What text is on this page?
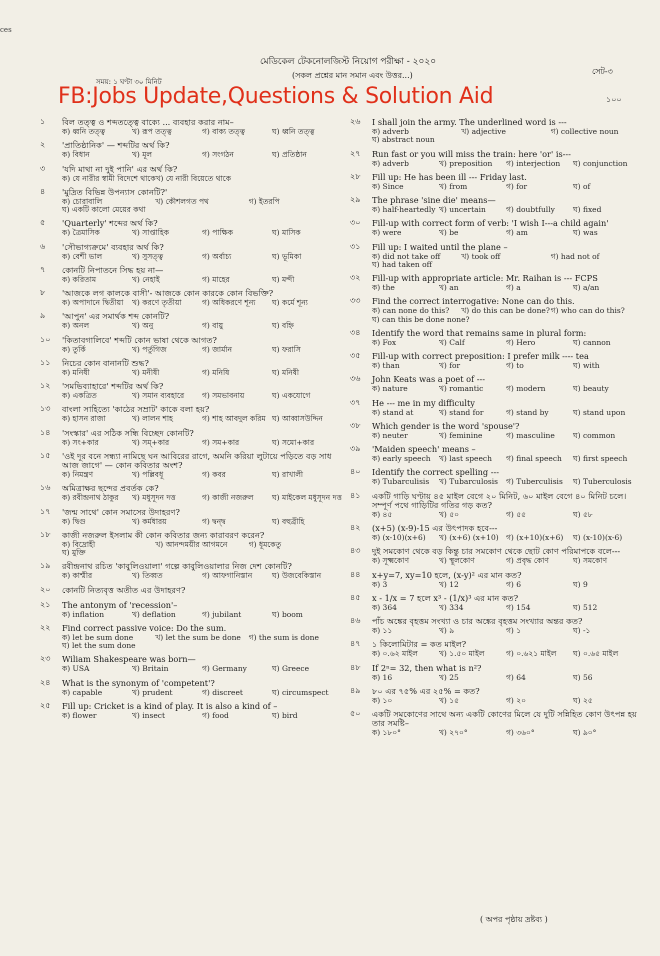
ces
মেডিকেল টেকনোলজিস্ট নিয়োগ পরীক্ষা - ২০২০
(সকল প্রশ্নের মান সমান এবং উত্তর...)	সেট-৩
সময়: ১ ঘণ্টা ৩০ মিনিট
FB:Jobs Update,Questions & Solution Aid	১০০
১ বিল তত্ত্ব ও শব্দতত্ত্বে বাক্যে ... ব্যবহার করার নাম–
ক) ধ্বনি তত্ত্ব	খ) রূপ তত্ত্ব	গ) বাক্য তত্ত্ব	ঘ) ধ্বনি তত্ত্ব
২ 'প্রাতিষ্ঠানিক' — শব্দটির অর্থ কি?
ক) বিধান	খ) মূল	গ) সংগঠন	ঘ) প্রতিষ্ঠান
৩ 'যদি মাথা না দুই পানি' এর অর্থ কি?
ক) যে নারীর স্বামী বিদেশে থাকে খ) যে নারী বিয়েতে থাকে
৪ 'মুদ্রিত বিভিন্ন উপন্যাস কোনটি?'
ক) চোরাবালি	খ) কৌশলগত পথ	গ) ইতরপি
ঘ) একটি কালো মেয়ের কথা
৫ 'Quarterly' শব্দের অর্থ কি?
ক) ত্রৈমাসিক	খ) সাপ্তাহিক	গ) পাক্ষিক	ঘ) মাসিক
৬ 'সৌভাগ্যক্রমে' ব্যবহার অর্থ কি?
ক) বেশী ভাল	খ) সুসত্ত্ব	গ) অর্বাচ্য	ঘ) ভূমিকা
৭ কোনটি নিপাতনে সিদ্ধ হয় না—
ক) করিতাম	খ) নেহাই	গ) মাহের	ঘ) মন্দী
৮ 'আজকে লগ কালকে বাসী'- আজকে কোন কারকে কোন বিভক্তি?
ক) অপাদানে দ্বিতীয়া	খ) করণে তৃতীয়া	গ) অধিকরণে শূন্য	ঘ) কর্মে শূন্য
৯ 'আপুন' এর সমার্থক শব্দ কোনটি?
ক) অনল	খ) অনু	গ) বায়ু	ঘ) বহ্নি
১০ 'কিতাবগালিবে' শব্দটি কোন ভাষা থেকে আগত?
ক) তুর্কি	খ) পর্তুগিজ	গ) জার্মান	ঘ) ফরাসি
১১ নিচের কোন বানানটি শুদ্ধ?
ক) মনিষী	খ) মনীষী	গ) মনিষি	ঘ) মনিষী
১২ 'সমভিব্যাহারে' শব্দটির অর্থ কি?
ক) একত্রিত	খ) সমান ব্যবহারে	গ) সমভাবনায়	ঘ) একযোগে
১৩ বাংলা সাহিত্যে 'কাঠের সম্রাট' কাকে বলা হয়?
ক) হাসন রাজা	খ) লালন শাহ	গ) শাহ আবদুল করিম ঘ) আব্বাসউদ্দিন
১৪ 'সংস্কার' এর সঠিক সন্ধি বিচ্ছেদ কোনটি?
ক) সং+কার	খ) সম্+কার	গ) সম+কার	ঘ) সমো+কার
১৫ 'ওই দূর বনে সন্ধ্যা নামিছে ঘন আবিরের রাগে, অমনি করিয়া লুটায়ে পড়িতে বড় সাধ আজ জাগে' — কোন কবিতার অংশ?
ক) নিমন্ত্রণ	খ) পল্লিবধূ	গ) কবর	ঘ) রাখালী
১৬ অমিত্রাক্ষর ছন্দের প্রবর্তক কে?
ক) রবীন্দ্রনাথ ঠাকুর	খ) মধুসূদন দত্ত	গ) কাজী নজরুল	ঘ) মাইকেল মধুসূদন দত্ত
১৭ 'জন্ম সাথে' কোন সমাসের উদাহরণ?
ক) দ্বিগু	খ) কর্মধারয়	গ) দ্বন্দ্ব	ঘ) বহুব্রীহি
১৮ কাজী নজরুল ইসলাম কী কোন কবিতার জন্য কারাবরণ করেন?
ক) বিদ্রোহী	খ) আনন্দময়ীর আগমনে	গ) ধূমকেতু
ঘ) মুক্তি
১৯ রবীন্দ্রনাথ রচিত 'কাবুলিওয়ালা' গল্পে কাবুলিওয়ালার নিজ দেশ কোনটি?
ক) কাশ্মীর	খ) তিব্বত	গ) আফগানিস্তান	ঘ) উজবেকিস্তান
২০ কোনটি নিত্যবৃত্ত অতীত এর উদাহরণ?
২১ The antonym of 'recession'–
ক) inflation	খ) deflation	গ) jubilant	ঘ) boom
২২ Find correct passive voice: Do the sum.
ক) let be sum done	খ) let the sum be done	গ) the sum is done
ঘ) let the sum done
২৩ Wiliam Shakespeare was born—
ক) USA	খ) Britain	গ) Germany	ঘ) Greece
২৪ What is the synonym of 'competent'?
ক) capable	খ) prudent	গ) discreet	ঘ) circumspect
২৫ Fill up: Cricket is a kind of play. It is also a kind of –
ক) flower	খ) insect	গ) food	ঘ) bird
২৬ I shall join the army. The underlined word is ---
ক) adverb	খ) adjective	গ) collective noun
ঘ) abstract noun
২৭ Run fast or you will miss the train: here 'or' is---
ক) adverb	খ) preposition	গ) interjection	ঘ) conjunction
২৮ Fill up: He has been ill --- Friday last.
ক) Since	খ) from	গ) for	ঘ) of
২৯ The phrase 'sine die' means—
ক) half-heartedly খ) uncertain	গ) doubtfully	ঘ) fixed
৩০ Fill-up with correct form of verb: 'I wish I---a child again'
ক) were	খ) be	গ) am	ঘ) was
৩১ Fill up: I waited until the plane –
ক) did not take off	খ) took off	গ) had not of
ঘ) had taken off
৩২ Fill-up with appropriate article: Mr. Raihan is --- FCPS
ক) the	খ) an	গ) a	ঘ) a/an
৩৩ Find the correct interrogative: None can do this.
ক) can none do this?	খ) do this can be done? গ) who can do this?
ঘ) can this be done none?
৩৪ Identify the word that remains same in plural form:
ক) Fox	খ) Calf	গ) Hero	ঘ) cannon
৩৫ Fill-up with correct preposition: I prefer milk ---- tea
ক) than	খ) for	গ) to	ঘ) with
৩৬ John Keats was a poet of ---
ক) nature	খ) romantic	গ) modern	ঘ) beauty
৩৭ He --- me in my difficulty
ক) stand at	খ) stand for	গ) stand by	ঘ) stand upon
৩৮ Which gender is the word 'spouse'?
ক) neuter	খ) feminine	গ) masculine	ঘ) common
৩৯ 'Maiden speech' means –
ক) early speech	খ) last speech	গ) final speech	ঘ) first speech
৪০ Identify the correct spelling ---
ক) Tubarculisis	খ) Tubarculosis	গ) Tuberculisis	ঘ) Tuberculosis
৪১ একটি গাড়ি ঘণ্টায় ৪৫ মাইল বেগে ২০ মিনিট, ৬০ মাইল বেগে ৪০ মিনিট চলে। সম্পূর্ণ পথে গাড়িটির গতির গড় কত?
ক) ৪৫	খ) ৫০	গ) ৫৫	ঘ) ৫৮
৪২ (x+5) (x-9)-15 এর উৎপাদক হবে---
ক) (x-10)(x+6)	খ) (x+6) (x+10) গ) (x+10)(x+6)	ঘ) (x-10)(x-6)
৪৩ দুই সমকোণ থেকে বড় কিন্তু চার সমকোণ থেকে ছোট কোণ পরিমাপকে বলে---
ক) সূক্ষ্মকোণ	খ) স্থূলকোণ	গ) প্রবৃদ্ধ কোণ	ঘ) সমকোণ
৪৪ x+y=7, xy=10 হলে, (x-y)² এর মান কত?
ক) 3	খ) 12	গ) 6	ঘ) 9
৪৫ x - 1/x = 7 হলে x³ - (1/x)³ এর মান কত?
ক) 364	খ) 334	গ) 154	ঘ) 512
৪৬ পাঁচ অঙ্কের বৃহত্তম সংখ্যা ও চার অঙ্কের বৃহত্তম সংখ্যার অন্তর কত?
ক) ১১	খ) ৯	গ) ১	ঘ) -১
৪৭ ১ কিলোমিটার = কত মাইল?
ক) ০.৬২ মাইল	খ) ১.৫০ মাইল	গ) ০.৬২১ মাইল	ঘ) ০.৬৫ মাইল
৪৮ If 2ⁿ= 32, then what is n²?
ক) 16	খ) 25	গ) 64	ঘ) 56
৪৯ ৮০ এর ৭৫% এর ২৫% = কত?
ক) ১০	খ) ১৫	গ) ২০	ঘ) ২৫
৫০ একটি সমকোণের সাথে অন্য একটি কোণের মিলে যে দুটি সন্নিহিত কোণ উৎপন্ন হয় তার সমষ্টি–
ক) ১৮০°	খ) ২৭০°	গ) ৩৬০°	ঘ) ৯০°
( অপর পৃষ্ঠায় দ্রষ্টব্য )
